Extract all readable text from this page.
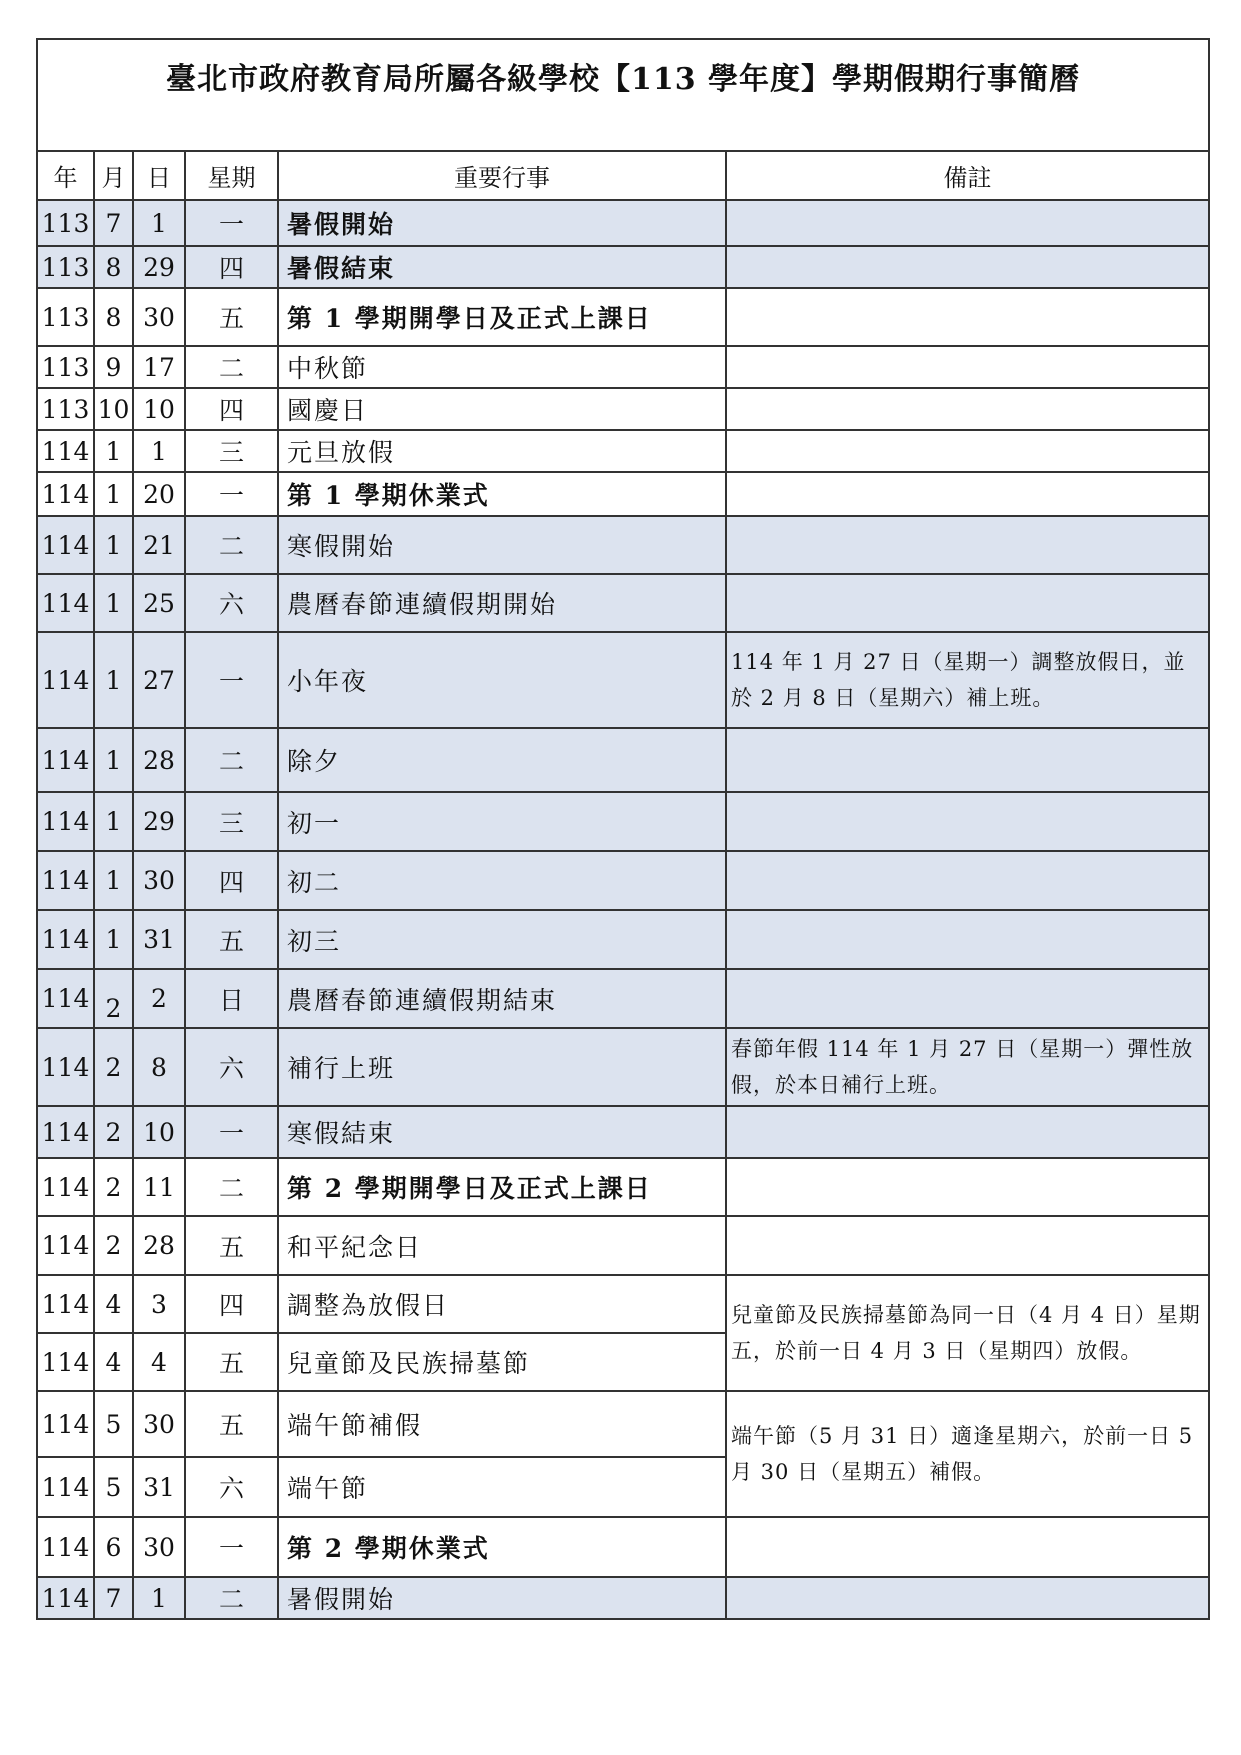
臺北市政府教育局所屬各級學校【113 學年度】學期假期行事簡曆					
年	月	日	星期	重要行事	備註
113	7	1	一	暑假開始	
113	8	29	四	暑假結束	
113	8	30	五	第 1 學期開學日及正式上課日	
113	9	17	二	中秋節	
113	10	10	四	國慶日	
114	1	1	三	元旦放假	
114	1	20	一	第 1 學期休業式	
114	1	21	二	寒假開始	
114	1	25	六	農曆春節連續假期開始	
114	1	27	一	小年夜	114 年 1 月 27 日（星期一）調整放假日，並於 2 月 8 日（星期六）補上班。
114	1	28	二	除夕	
114	1	29	三	初一	
114	1	30	四	初二	
114	1	31	五	初三	
114	2	2	日	農曆春節連續假期結束	
114	2	8	六	補行上班	春節年假 114 年 1 月 27 日（星期一）彈性放假，於本日補行上班。
114	2	10	一	寒假結束	
114	2	11	二	第 2 學期開學日及正式上課日	
114	2	28	五	和平紀念日	
114	4	3	四	調整為放假日	兒童節及民族掃墓節為同一日（4 月 4 日）星期五，於前一日 4 月 3 日（星期四）放假。
114	4	4	五	兒童節及民族掃墓節	
114	5	30	五	端午節補假	端午節（5 月 31 日）適逢星期六，於前一日 5 月 30 日（星期五）補假。
114	5	31	六	端午節	
114	6	30	一	第 2 學期休業式	
114	7	1	二	暑假開始	
